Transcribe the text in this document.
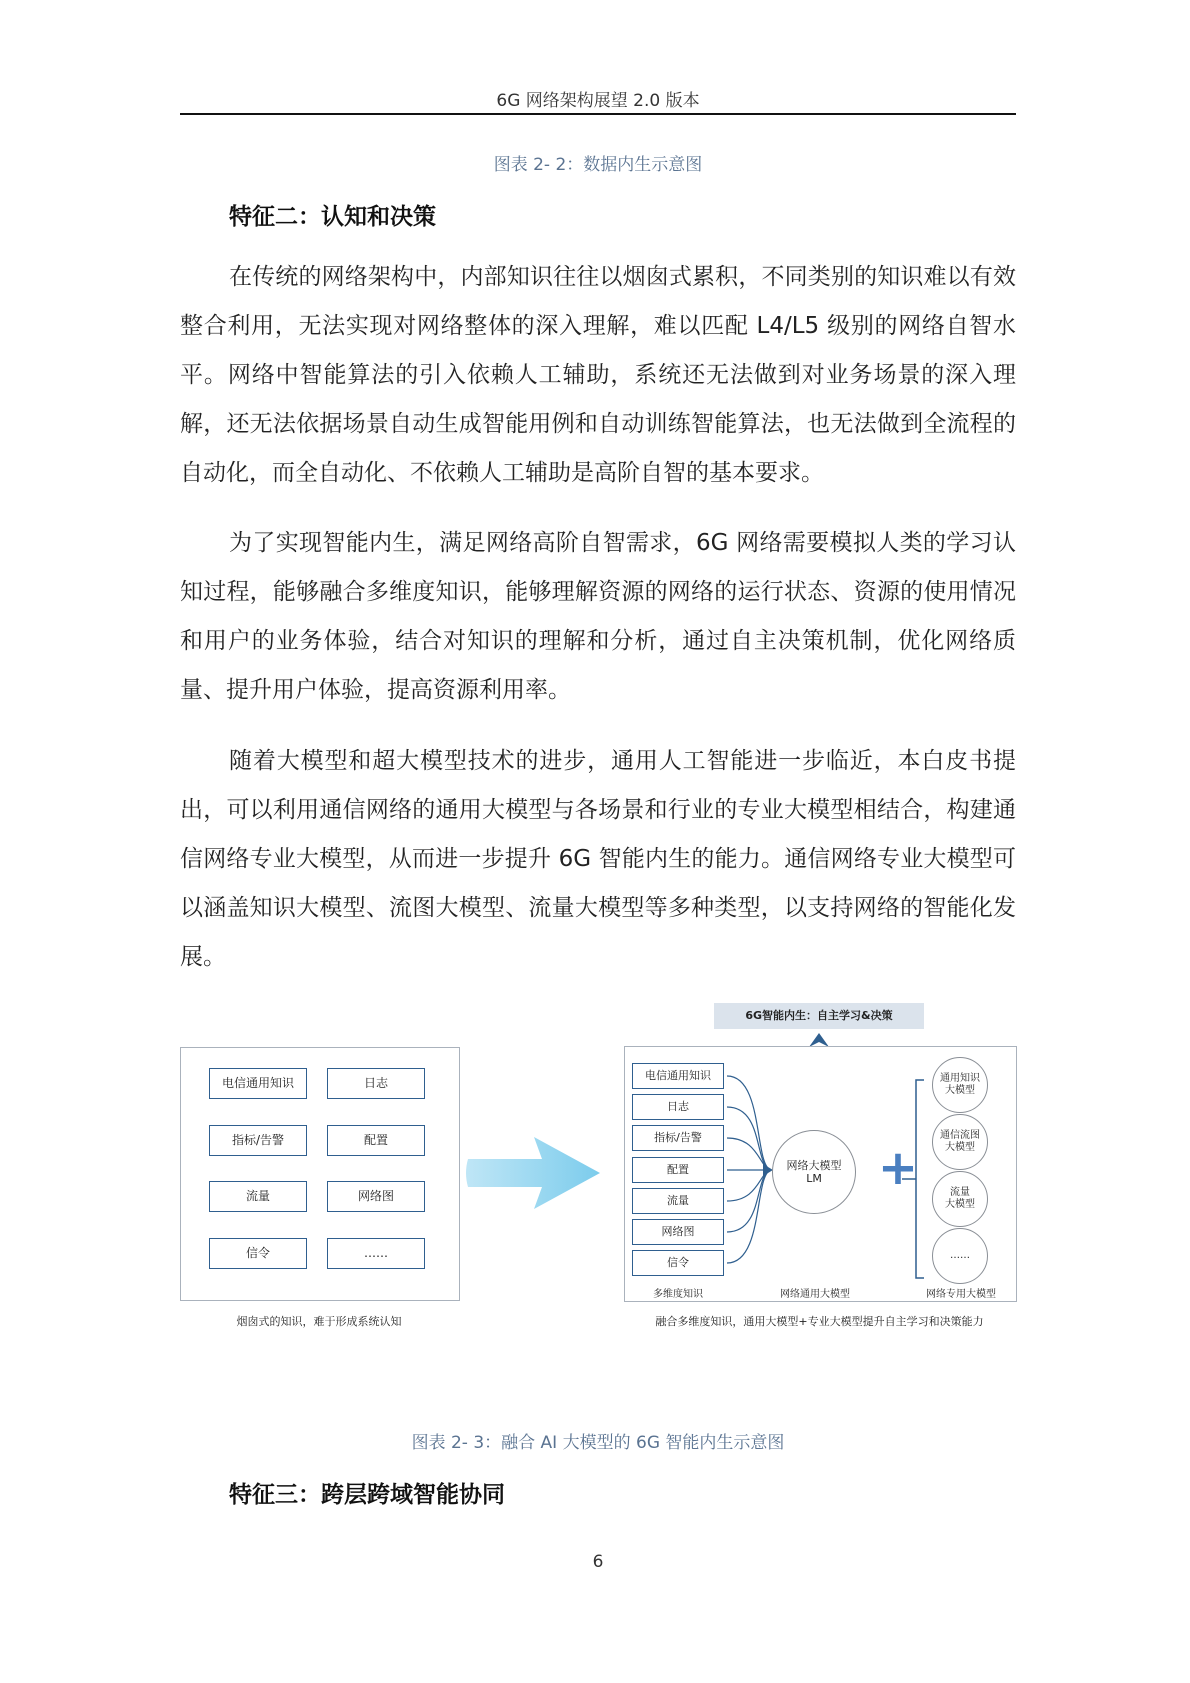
6G 网络架构展望 2.0 版本
图表 2- 2：数据内生示意图
特征二：认知和决策

在传统的网络架构中，内部知识往往以烟囱式累积，不同类别的知识难以有效整合利用，无法实现对网络整体的深入理解，难以匹配 L4/L5 级别的网络自智水平。网络中智能算法的引入依赖人工辅助，系统还无法做到对业务场景的深入理解，还无法依据场景自动生成智能用例和自动训练智能算法，也无法做到全流程的自动化，而全自动化、不依赖人工辅助是高阶自智的基本要求。

为了实现智能内生，满足网络高阶自智需求，6G 网络需要模拟人类的学习认知过程，能够融合多维度知识，能够理解资源的网络的运行状态、资源的使用情况和用户的业务体验，结合对知识的理解和分析，通过自主决策机制，优化网络质量、提升用户体验，提高资源利用率。

随着大模型和超大模型技术的进步，通用人工智能进一步临近，本白皮书提出，可以利用通信网络的通用大模型与各场景和行业的专业大模型相结合，构建通信网络专业大模型，从而进一步提升 6G 智能内生的能力。通信网络专业大模型可以涵盖知识大模型、流图大模型、流量大模型等多种类型，以支持网络的智能化发展。

电信通用知识	日志
指标/告警	配置
流量	网络图
信令	……
烟囱式的知识，难于形成系统认知
6G智能内生：自主学习&决策
电信通用知识
日志
指标/告警
配置
流量
网络图
信令
网络大模型
LM +
通用知识
大模型
通信流图
大模型
流量
大模型
……
多维度知识	网络通用大模型	网络专用大模型
融合多维度知识，通用大模型+专业大模型提升自主学习和决策能力
图表 2- 3：融合 AI 大模型的 6G 智能内生示意图
特征三：跨层跨域智能协同
6
